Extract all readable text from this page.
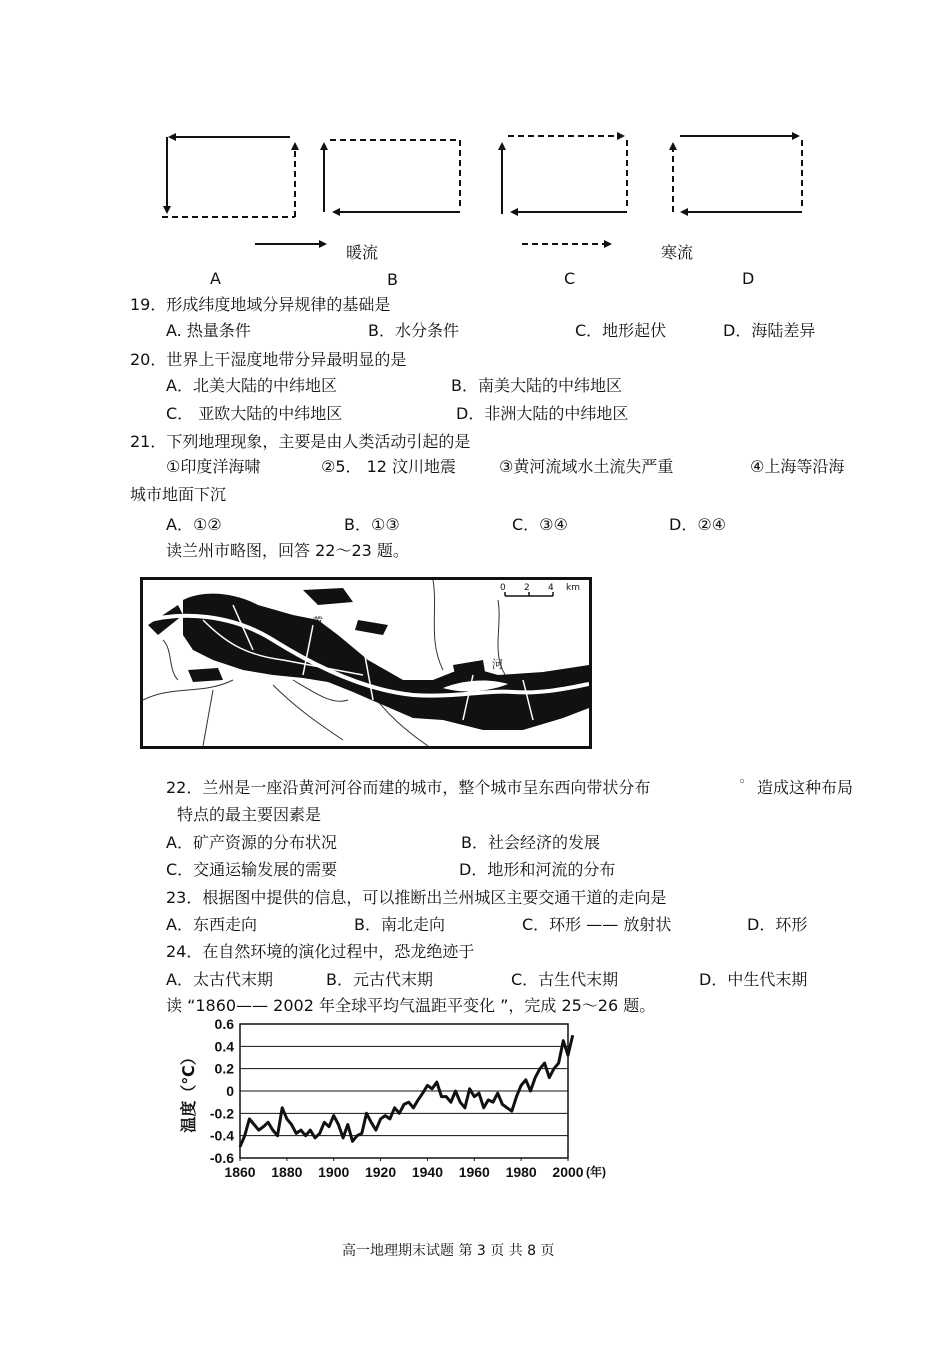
暖流	寒流
A	B	C	D
19．形成纬度地域分异规律的基础是
A. 热量条件	B．水分条件	C．地形起伏	D．海陆差异
20．世界上干湿度地带分异最明显的是
A．北美大陆的中纬地区	B．南美大陆的中纬地区
C． 亚欧大陆的中纬地区	D．非洲大陆的中纬地区
21．下列地理现象，主要是由人类活动引起的是
①印度洋海啸	②5． 12 汶川地震	③黄河流域水土流失严重	④上海等沿海
城市地面下沉
A．①②	B．①③	C．③④	D．②④
读兰州市略图，回答 22～23 题。
0 2 4 km
黄
河
22．兰州是一座沿黄河河谷而建的城市，整个城市呈东西向带状分布	◦ 造成这种布局
特点的最主要因素是
A．矿产资源的分布状况	B．社会经济的发展
C．交通运输发展的需要	D．地形和河流的分布
23．根据图中提供的信息，可以推断出兰州城区主要交通干道的走向是
A．东西走向	B．南北走向	C．环形 —— 放射状	D．环形
24．在自然环境的演化过程中，恐龙绝迹于
A．太古代末期	B．元古代末期	C．古生代末期	D．中生代末期
读 “1860—— 2002 年全球平均气温距平变化 ”，完成 25～26 题。
0.6
0.4
0.2
0
-0.2
-0.4
-0.6
1860 1880 1900 1920 1940 1960 1980 2000 (年)
温度（℃）
高一地理期末试题 第 3 页 共 8 页
